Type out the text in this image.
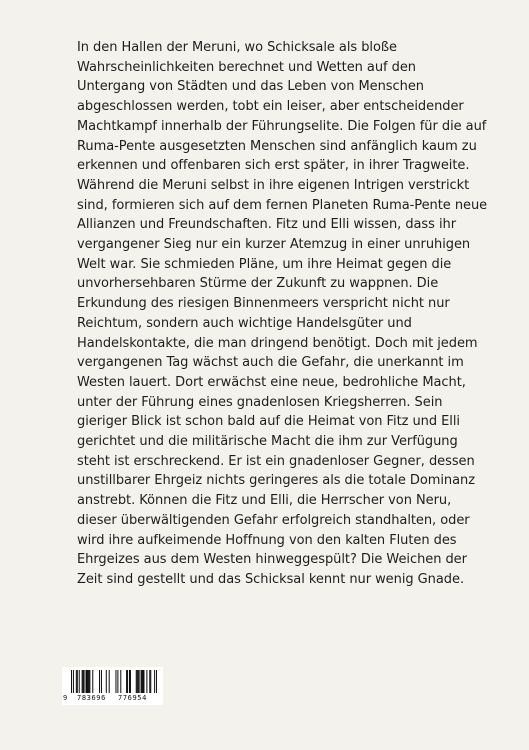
In den Hallen der Meruni, wo Schicksale als bloße
Wahrscheinlichkeiten berechnet und Wetten auf den
Untergang von Städten und das Leben von Menschen
abgeschlossen werden, tobt ein leiser, aber entscheidender
Machtkampf innerhalb der Führungselite. Die Folgen für die auf
Ruma-Pente ausgesetzten Menschen sind anfänglich kaum zu
erkennen und offenbaren sich erst später, in ihrer Tragweite.
Während die Meruni selbst in ihre eigenen Intrigen verstrickt
sind, formieren sich auf dem fernen Planeten Ruma-Pente neue
Allianzen und Freundschaften. Fitz und Elli wissen, dass ihr
vergangener Sieg nur ein kurzer Atemzug in einer unruhigen
Welt war. Sie schmieden Pläne, um ihre Heimat gegen die
unvorhersehbaren Stürme der Zukunft zu wappnen. Die
Erkundung des riesigen Binnenmeers verspricht nicht nur
Reichtum, sondern auch wichtige Handelsgüter und
Handelskontakte, die man dringend benötigt. Doch mit jedem
vergangenen Tag wächst auch die Gefahr, die unerkannt im
Westen lauert. Dort erwächst eine neue, bedrohliche Macht,
unter der Führung eines gnadenlosen Kriegsherren. Sein
gieriger Blick ist schon bald auf die Heimat von Fitz und Elli
gerichtet und die militärische Macht die ihm zur Verfügung
steht ist erschreckend. Er ist ein gnadenloser Gegner, dessen
unstillbarer Ehrgeiz nichts geringeres als die totale Dominanz
anstrebt. Können die Fitz und Elli, die Herrscher von Neru,
dieser überwältigenden Gefahr erfolgreich standhalten, oder
wird ihre aufkeimende Hoffnung von den kalten Fluten des
Ehrgeizes aus dem Westen hinweggespült? Die Weichen der
Zeit sind gestellt und das Schicksal kennt nur wenig Gnade.
9 783696 776954
